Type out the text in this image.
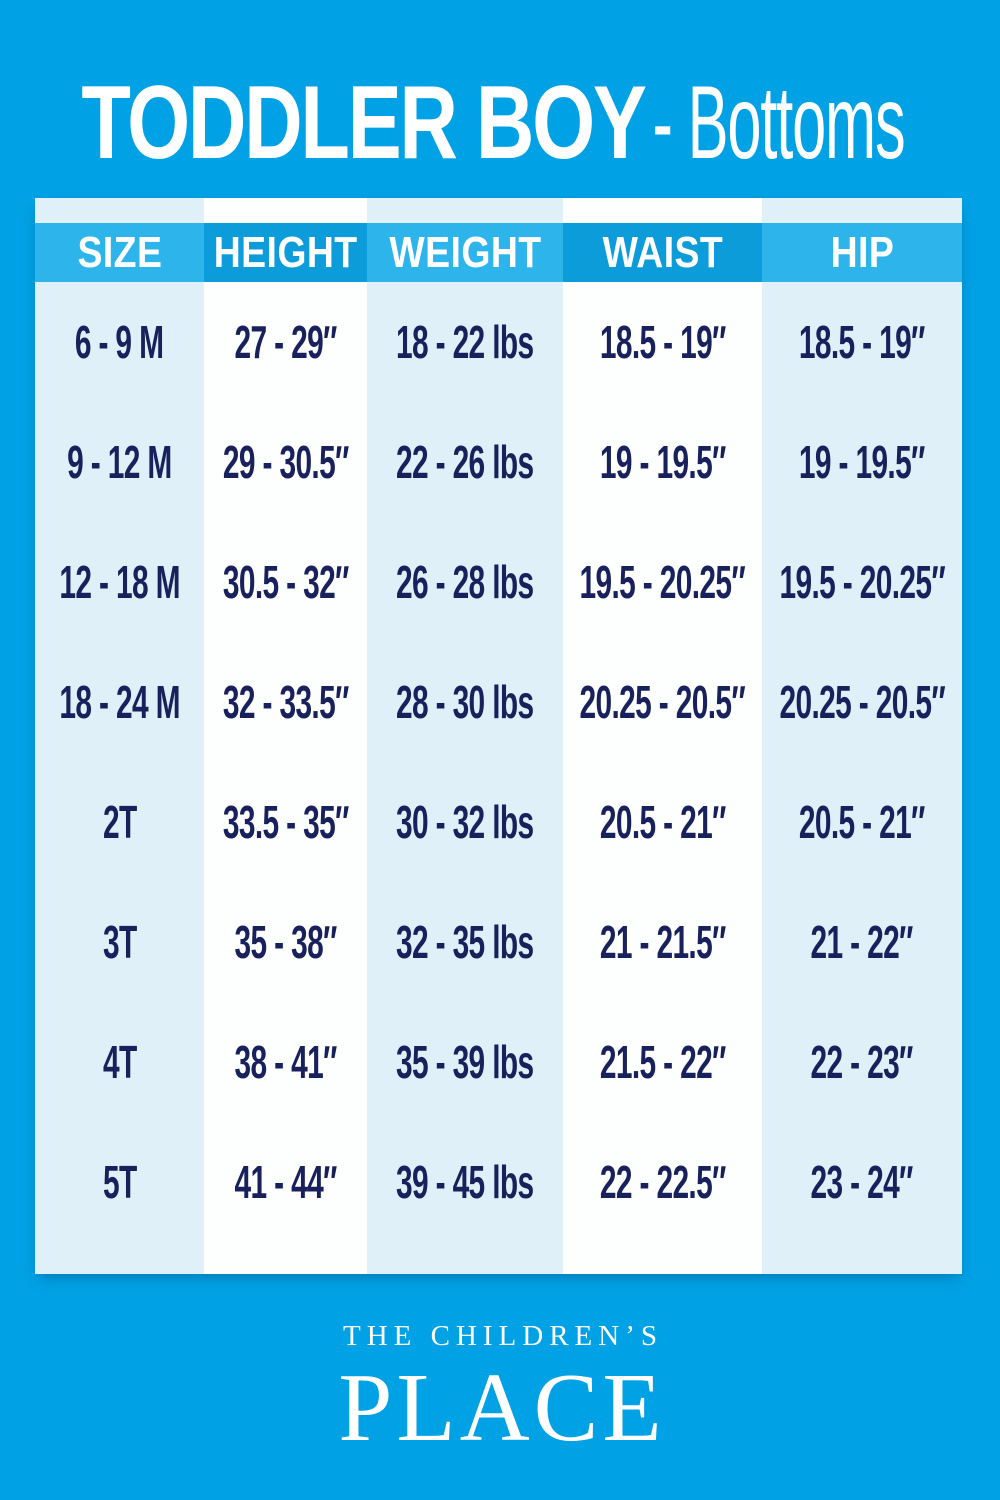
TODDLER BOY - Bottoms
SIZE HEIGHT WEIGHT WAIST HIP
6 - 9 M 27 - 29″ 18 - 22 lbs 18.5 - 19″ 18.5 - 19″
9 - 12 M 29 - 30.5″ 22 - 26 lbs 19 - 19.5″ 19 - 19.5″
12 - 18 M 30.5 - 32″ 26 - 28 lbs 19.5 - 20.25″ 19.5 - 20.25″
18 - 24 M 32 - 33.5″ 28 - 30 lbs 20.25 - 20.5″ 20.25 - 20.5″
2T 33.5 - 35″ 30 - 32 lbs 20.5 - 21″ 20.5 - 21″
3T 35 - 38″ 32 - 35 lbs 21 - 21.5″ 21 - 22″
4T 38 - 41″ 35 - 39 lbs 21.5 - 22″ 22 - 23″
5T 41 - 44″ 39 - 45 lbs 22 - 22.5″ 23 - 24″
THE CHILDREN’S
PLACE
